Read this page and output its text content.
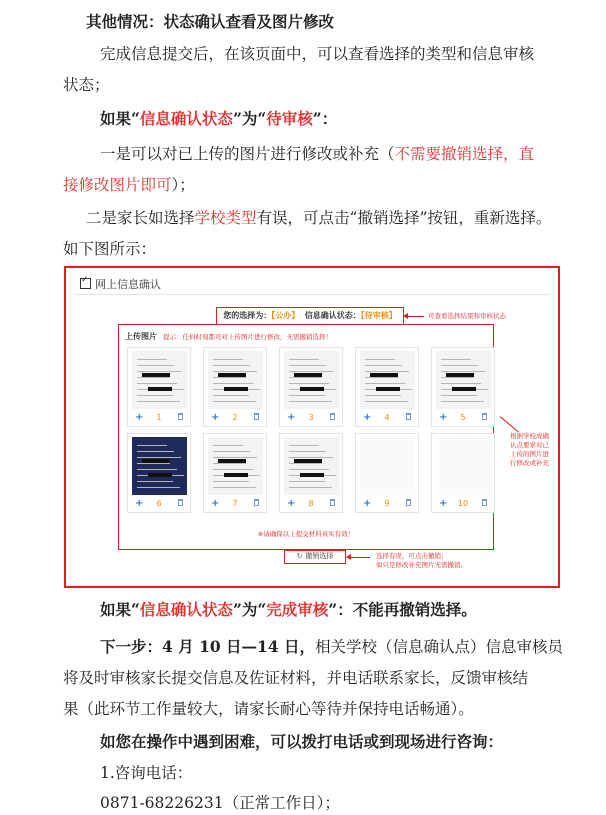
其他情况：状态确认查看及图片修改
完成信息提交后，在该页面中，可以查看选择的类型和信息审核
状态；
如果“信息确认状态”为“待审核”：
一是可以对已上传的图片进行修改或补充（不需要撤销选择，直
接修改图片即可）；
二是家长如选择学校类型有误，可点击“撤销选择”按钮，重新选择。
如下图所示：
✓网上信息确认
您的选择为：【公办】 信息确认状态：【待审核】	可查看选择结果和审核状态
上传图片 提示：任何时刻都可对上传图片进行修改，无需撤销选择！
+	1	+	2	+	3	+	4	+	5
+	6	+	7	+	8	+	9	+	10
※请确保以上提交材料真实有效！
根据学校或确
认点要求对已
上传的图片进
行修改或补充
↻ 撤销选择	选择有误，可点击撤销；
如只是修改补充图片无需撤销。
如果“信息确认状态”为“完成审核”：不能再撤销选择。
下一步：4 月 10 日—14 日，相关学校（信息确认点）信息审核员
将及时审核家长提交信息及佐证材料，并电话联系家长，反馈审核结
果（此环节工作量较大，请家长耐心等待并保持电话畅通）。
如您在操作中遇到困难，可以拨打电话或到现场进行咨询：
1.咨询电话：
0871-68226231（正常工作日）；
